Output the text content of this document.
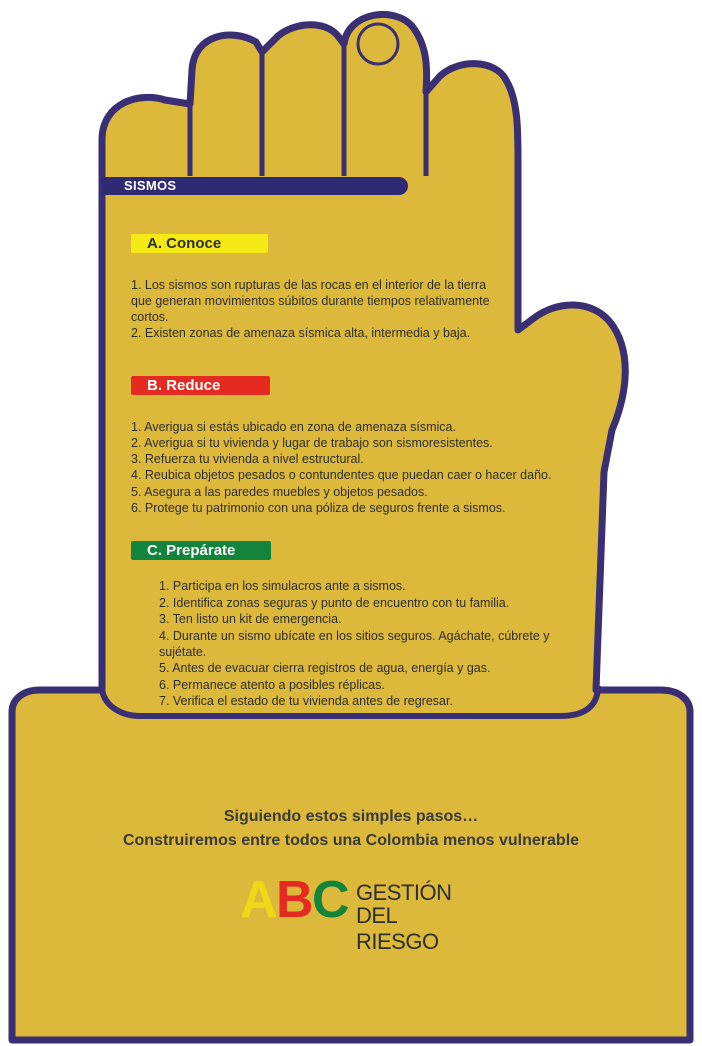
SISMOS
A. Conoce
1. Los sismos son rupturas de las rocas en el interior de la tierra
que generan movimientos súbitos durante tiempos relativamente
cortos.
2. Existen zonas de amenaza sísmica alta, intermedia y baja.
B. Reduce
1. Averigua si estás ubicado en zona de amenaza sísmica.
2. Averigua si tu vivienda y lugar de trabajo son sismoresistentes.
3. Refuerza tu vivienda a nivel estructural.
4. Reubica objetos pesados o contundentes que puedan caer o hacer daño.
5. Asegura a las paredes muebles y objetos pesados.
6. Protege tu patrimonio con una póliza de seguros frente a sismos.
C. Prepárate
1. Participa en los simulacros ante a sismos.
2. Identifica zonas seguras y punto de encuentro con tu familia.
3. Ten listo un kit de emergencia.
4. Durante un sismo ubícate en los sitios seguros. Agáchate, cúbrete y
sujétate.
5. Antes de evacuar cierra registros de agua, energía y gas.
6. Permanece atento a posibles réplicas.
7. Verifica el estado de tu vivienda antes de regresar.
Siguiendo estos simples pasos…
Construiremos entre todos una Colombia menos vulnerable
A B C GESTIÓN
DEL RIESGO
